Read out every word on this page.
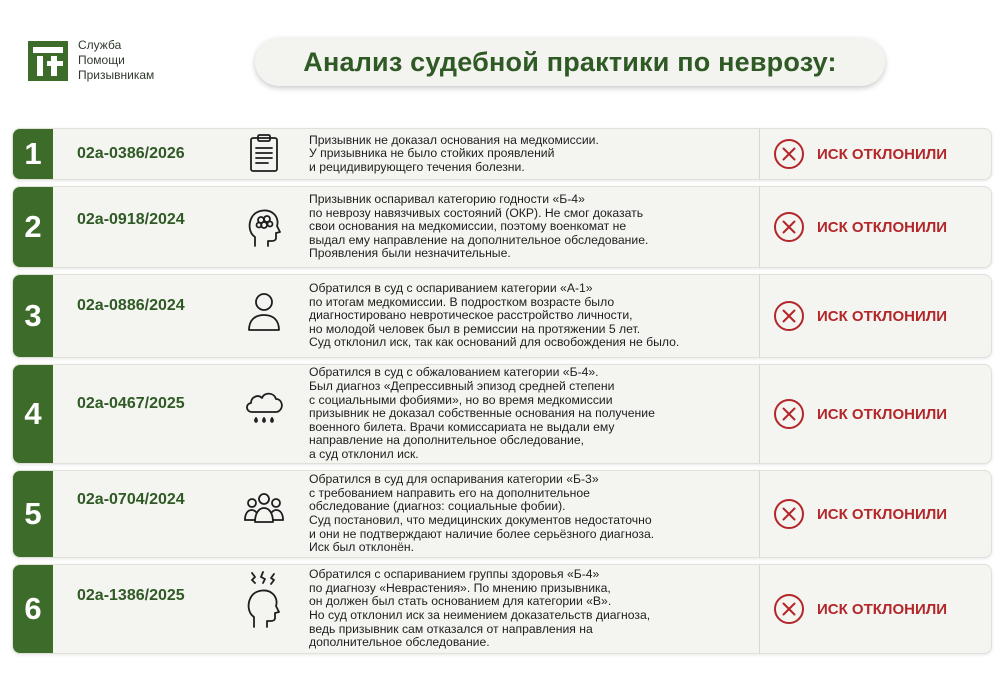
Служба
Помощи
Призывникам	Анализ судебной практики по неврозу:
1	02а-0386/2026
Призывник не доказал основания на медкомиссии.
У призывника не было стойких проявлений
и рецидивирующего течения болезни.
ИСК ОТКЛОНИЛИ
2	02а-0918/2024
Призывник оспаривал категорию годности «Б-4»
по неврозу навязчивых состояний (ОКР). Не смог доказать
свои основания на медкомиссии, поэтому военкомат не
выдал ему направление на дополнительное обследование.
Проявления были незначительные.
ИСК ОТКЛОНИЛИ
3	02а-0886/2024
Обратился в суд с оспариванием категории «А-1»
по итогам медкомиссии. В подростком возрасте было
диагностировано невротическое расстройство личности,
но молодой человек был в ремиссии на протяжении 5 лет.
Суд отклонил иск, так как оснований для освобождения не было.
ИСК ОТКЛОНИЛИ
4	02а-0467/2025
Обратился в суд с обжалованием категории «Б-4».
Был диагноз «Депрессивный эпизод средней степени
с социальными фобиями», но во время медкомиссии
призывник не доказал собственные основания на получение
военного билета. Врачи комиссариата не выдали ему
направление на дополнительное обследование,
а суд отклонил иск.
ИСК ОТКЛОНИЛИ
5	02а-0704/2024
Обратился в суд для оспаривания категории «Б-3»
с требованием направить его на дополнительное
обследование (диагноз: социальные фобии).
Суд постановил, что медицинских документов недостаточно
и они не подтверждают наличие более серьёзного диагноза.
Иск был отклонён.
ИСК ОТКЛОНИЛИ
6	02а-1386/2025
Обратился с оспариванием группы здоровья «Б-4»
по диагнозу «Неврастения». По мнению призывника,
он должен был стать основанием для категории «В».
Но суд отклонил иск за неимением доказательств диагноза,
ведь призывник сам отказался от направления на
дополнительное обследование.
ИСК ОТКЛОНИЛИ
